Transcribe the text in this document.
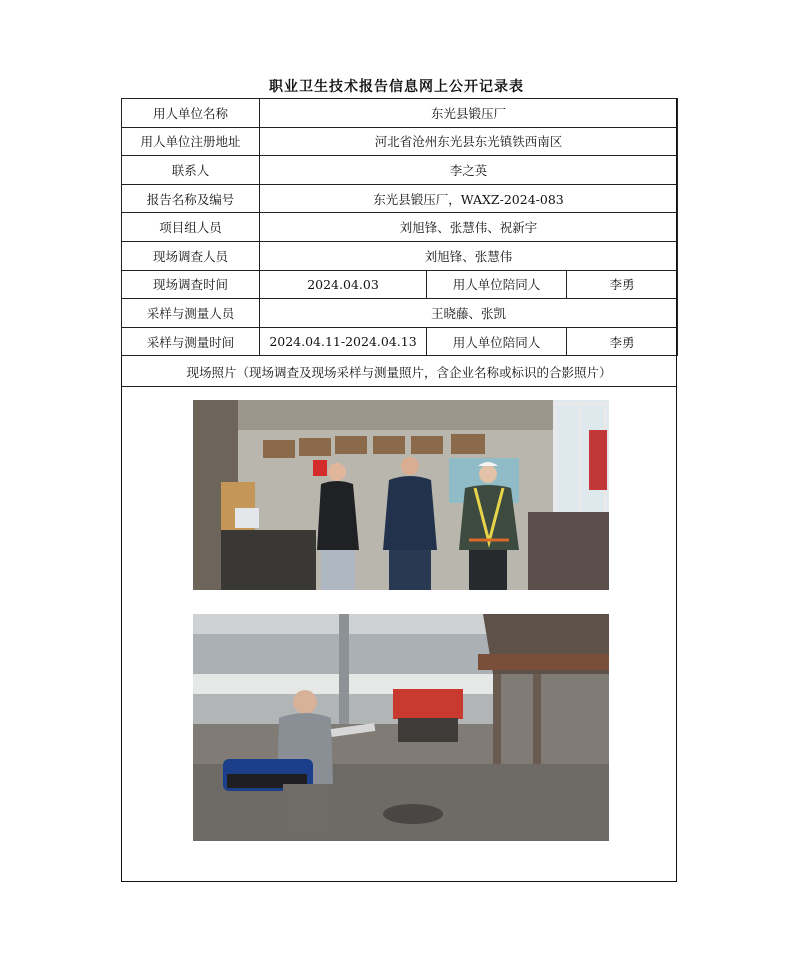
职业卫生技术报告信息网上公开记录表
用人单位名称	东光县锻压厂		
用人单位注册地址	河北省沧州东光县东光镇铁西南区		
联系人	李之英		
报告名称及编号	东光县锻压厂，WAXZ-2024-083		
项目组人员	刘旭锋、张慧伟、祝新宇		
现场调查人员	刘旭锋、张慧伟		
现场调查时间	2024.04.03	用人单位陪同人	李勇
采样与测量人员	王晓藤、张凯		
采样与测量时间	2024.04.11-2024.04.13	用人单位陪同人	李勇
现场照片（现场调查及现场采样与测量照片，含企业名称或标识的合影照片）
